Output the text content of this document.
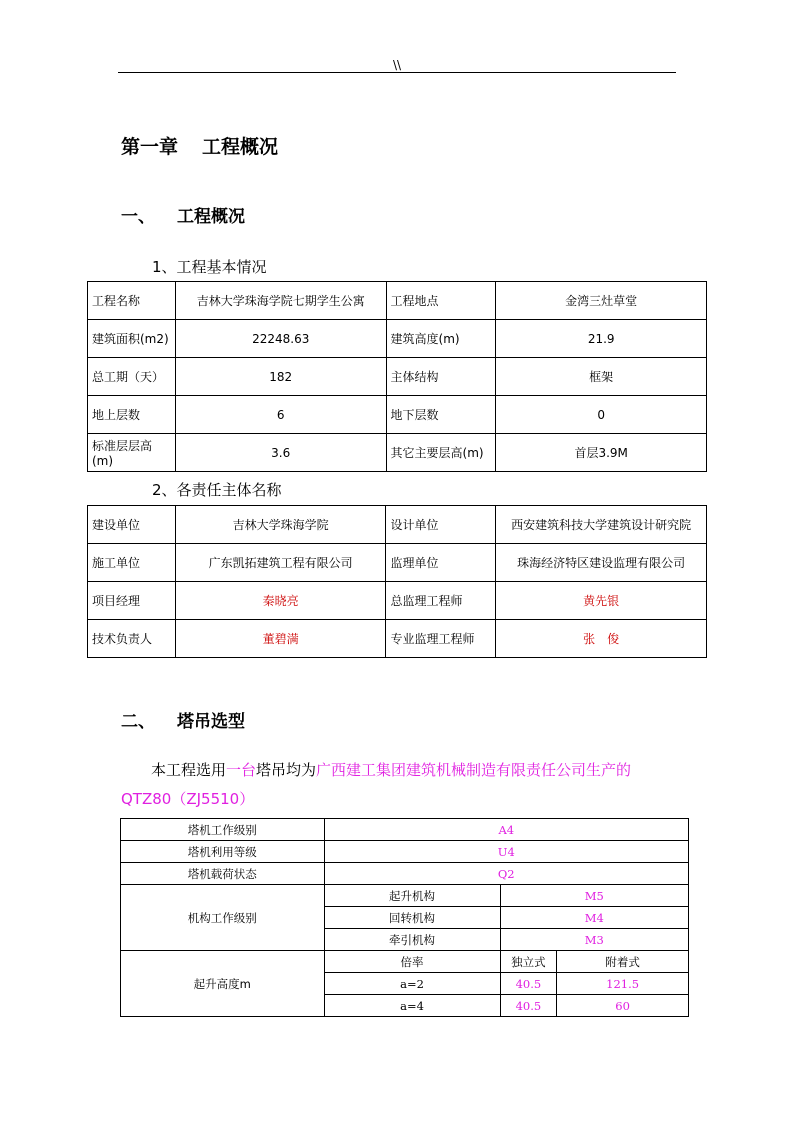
\\
第一章 工程概况
一、 工程概况
1、工程基本情况
工程名称	吉林大学珠海学院七期学生公寓	工程地点	金湾三灶草堂
建筑面积(m2)	22248.63	建筑高度(m)	21.9
总工期（天）	182	主体结构	框架
地上层数	6	地下层数	0
标准层层高(m)	3.6	其它主要层高(m)	首层3.9M
2、各责任主体名称
建设单位	吉林大学珠海学院	设计单位	西安建筑科技大学建筑设计研究院
施工单位	广东凯拓建筑工程有限公司	监理单位	珠海经济特区建设监理有限公司
项目经理	秦晓亮	总监理工程师	黄先银
技术负责人	董碧满	专业监理工程师	张　俊
二、 塔吊选型
本工程选用一台塔吊均为广西建工集团建筑机械制造有限责任公司生产的
QTZ80（ZJ5510）
塔机工作级别	A4		
塔机利用等级	U4		
塔机载荷状态	Q2		
机构工作级别	起升机构	M5	
	回转机构	M4	
	牵引机构	M3	
起升高度m	倍率	独立式	附着式
	a=2	40.5	121.5
	a=4	40.5	60
